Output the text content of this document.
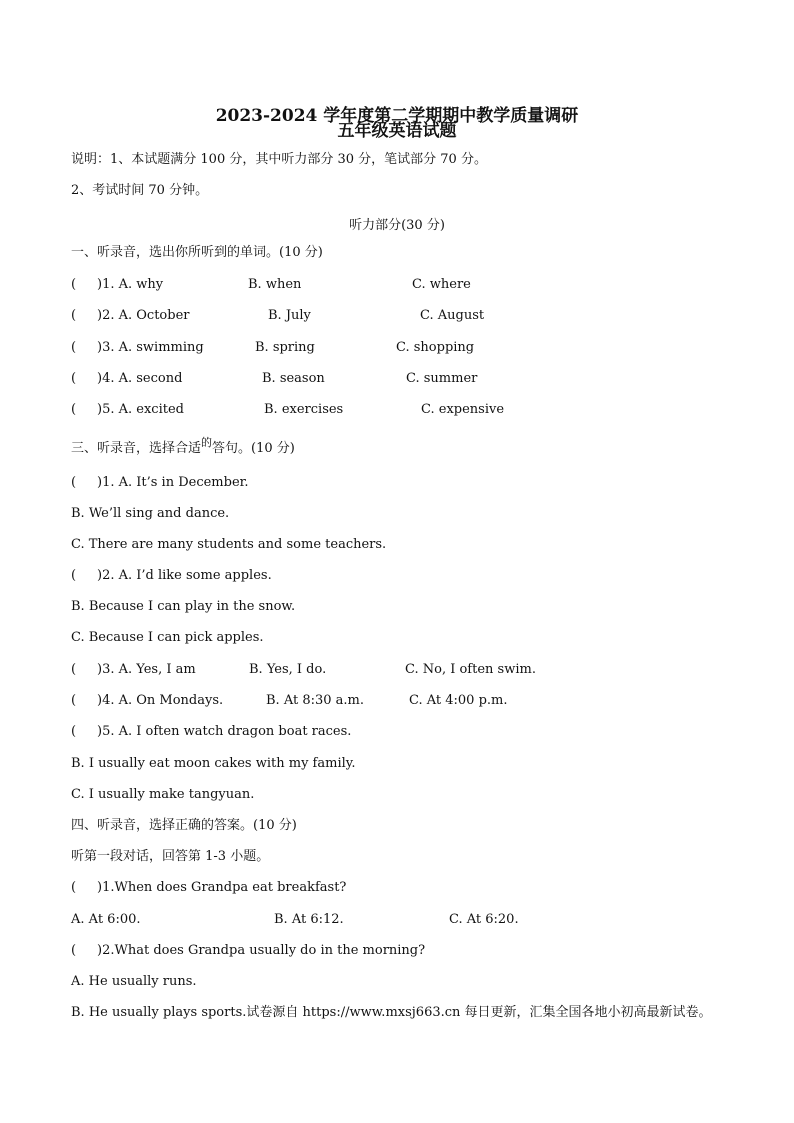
2023-2024 学年度第二学期期中教学质量调研
五年级英语试题
说明：1、本试题满分 100 分，其中听力部分 30 分，笔试部分 70 分。
2、考试时间 70 分钟。
听力部分(30 分)
一、听录音，选出你所听到的单词。(10 分)
( )1. A. why	B. when	C. where
( )2. A. October	B. July	C. August
( )3. A. swimming	B. spring	C. shopping
( )4. A. second	B. season	C. summer
( )5. A. excited	B. exercises	C. expensive
三、听录音，选择合适$^的$答句。(10 分)
( )1. A. It’s in December.
B. We’ll sing and dance.
C. There are many students and some teachers.
( )2. A. I’d like some apples.
B. Because I can play in the snow.
C. Because I can pick apples.
( )3. A. Yes, I am	B. Yes, I do.	C. No, I often swim.
( )4. A. On Mondays.	B. At 8:30 a.m.	C. At 4:00 p.m.
( )5. A. I often watch dragon boat races.
B. I usually eat moon cakes with my family.
C. I usually make tangyuan.
四、听录音，选择正确的答案。(10 分)
听第一段对话，回答第 1-3 小题。
( )1.When does Grandpa eat breakfast?
A. At 6:00.	B. At 6:12.	C. At 6:20.
( )2.What does Grandpa usually do in the morning?
A. He usually runs.
B. He usually plays sports.试卷源自 https://www.mxsj663.cn 每日更新，汇集全国各地小初高最新试卷。
